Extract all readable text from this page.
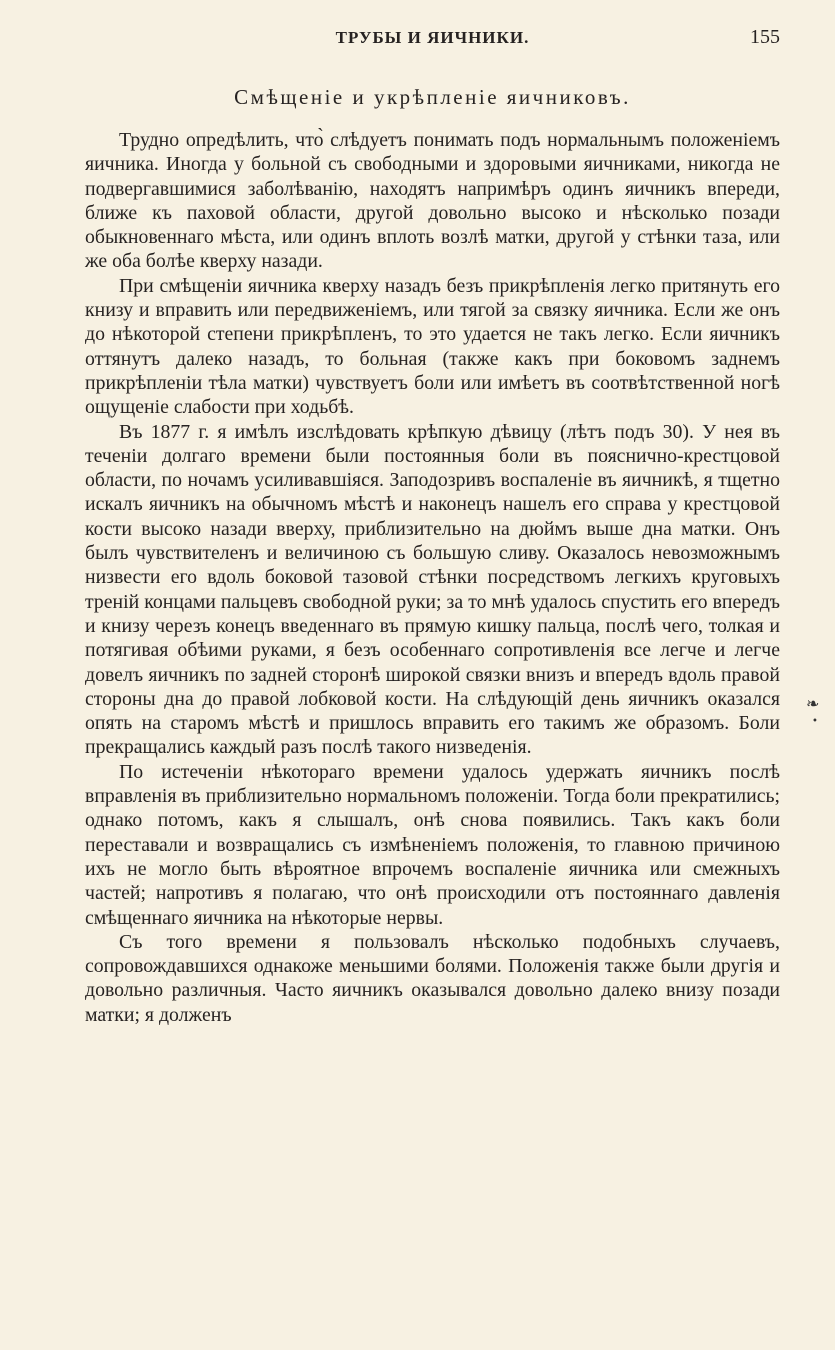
ТРУБЫ И ЯИЧНИКИ.	155
Смѣщеніе и укрѣпленіе яичниковъ.

Трудно опредѣлить, что̀ слѣдуетъ понимать подъ нормальнымъ положеніемъ яичника. Иногда у больной съ свободными и здоровыми яичниками, никогда не подвергавшимися заболѣванію, находятъ напримѣръ одинъ яичникъ впереди, ближе къ паховой области, другой довольно высоко и нѣсколько позади обыкновеннаго мѣста, или одинъ вплоть возлѣ матки, другой у стѣнки таза, или же оба болѣе кверху назади.

При смѣщеніи яичника кверху назадъ безъ прикрѣпленія легко притянуть его книзу и вправить или передвиженіемъ, или тягой за связку яичника. Если же онъ до нѣкоторой степени прикрѣпленъ, то это удается не такъ легко. Если яичникъ оттянутъ далеко назадъ, то больная (также какъ при боковомъ заднемъ прикрѣпленіи тѣла матки) чувствуетъ боли или имѣетъ въ соотвѣтственной ногѣ ощущеніе слабости при ходьбѣ.

Въ 1877 г. я имѣлъ изслѣдовать крѣпкую дѣвицу (лѣтъ подъ 30). У нея въ теченіи долгаго времени были постоянныя боли въ пояснично-крестцовой области, по ночамъ усиливавшіяся. Заподозривъ воспаленіе въ яичникѣ, я тщетно искалъ яичникъ на обычномъ мѣстѣ и наконецъ нашелъ его справа у крестцовой кости высоко назади вверху, приблизительно на дюймъ выше дна матки. Онъ былъ чувствителенъ и величиною съ большую сливу. Оказалось невозможнымъ низвести его вдоль боковой тазовой стѣнки посредствомъ легкихъ круговыхъ треній концами пальцевъ свободной руки; за то мнѣ удалось спустить его впередъ и книзу черезъ конецъ введеннаго въ прямую кишку пальца, послѣ чего, толкая и потягивая обѣими руками, я безъ особеннаго сопротивленія все легче и легче довелъ яичникъ по задней сторонѣ широкой связки внизъ и впередъ вдоль правой стороны дна до правой лобковой кости. На слѣдующій день яичникъ оказался опять на старомъ мѣстѣ и пришлось вправить его такимъ же образомъ. Боли прекращались каждый разъ послѣ такого низведенія.

По истеченіи нѣкотораго времени удалось удержать яичникъ послѣ вправленія въ приблизительно нормальномъ положеніи. Тогда боли прекратились; однако потомъ, какъ я слышалъ, онѣ снова появились. Такъ какъ боли переставали и возвращались съ измѣненіемъ положенія, то главною причиною ихъ не могло быть вѣроятное впрочемъ воспаленіе яичника или смежныхъ частей; напротивъ я полагаю, что онѣ происходили отъ постояннаго давленія смѣщеннаго яичника на нѣкоторые нервы.

Съ того времени я пользовалъ нѣсколько подобныхъ случаевъ, сопровождавшихся однакоже меньшими болями. Положенія также были другія и довольно различныя. Часто яичникъ оказывался довольно далеко внизу позади матки; я долженъ

❧
•
